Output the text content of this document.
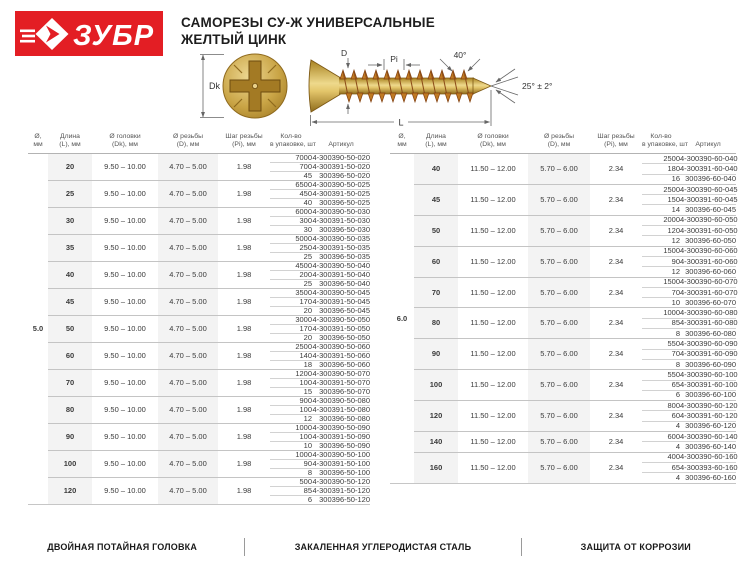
ЗУБР САМОРЕЗЫ СУ-Ж УНИВЕРСАЛЬНЫЕ
ЖЕЛТЫЙ ЦИНК
Dk
D
Pi	40°
25° ± 2°
L
Ø,
мм

Длина
(L), мм

Ø головки
(Dk), мм

Ø резьбы
(D), мм

Шаг резьбы
(Pi), мм

Кол-во
в упаковке, шт	Артикул

5.0	20	9.50 – 10.00	4.70 – 5.00	1.98	7000	4-300390-50-020
					700	4-300391-50-020
					45	300396-50-020
	25	9.50 – 10.00	4.70 – 5.00	1.98	6500	4-300390-50-025
					450	4-300391-50-025
					40	300396-50-025
	30	9.50 – 10.00	4.70 – 5.00	1.98	6000	4-300390-50-030
					300	4-300391-50-030
					30	300396-50-030
	35	9.50 – 10.00	4.70 – 5.00	1.98	5000	4-300390-50-035
					250	4-300391-50-035
					25	300396-50-035
	40	9.50 – 10.00	4.70 – 5.00	1.98	4500	4-300390-50-040
					200	4-300391-50-040
					25	300396-50-040
	45	9.50 – 10.00	4.70 – 5.00	1.98	3500	4-300390-50-045
					170	4-300391-50-045
					20	300396-50-045
	50	9.50 – 10.00	4.70 – 5.00	1.98	3000	4-300390-50-050
					170	4-300391-50-050
					20	300396-50-050
	60	9.50 – 10.00	4.70 – 5.00	1.98	2500	4-300390-50-060
					140	4-300391-50-060
					18	300396-50-060
	70	9.50 – 10.00	4.70 – 5.00	1.98	1200	4-300390-50-070
					100	4-300391-50-070
					15	300396-50-070
	80	9.50 – 10.00	4.70 – 5.00	1.98	900	4-300390-50-080
					100	4-300391-50-080
					12	300396-50-080
	90	9.50 – 10.00	4.70 – 5.00	1.98	1000	4-300390-50-090
					100	4-300391-50-090
					10	300396-50-090
	100	9.50 – 10.00	4.70 – 5.00	1.98	1000	4-300390-50-100
					90	4-300391-50-100
					8	300396-50-100
	120	9.50 – 10.00	4.70 – 5.00	1.98	500	4-300390-50-120
					85	4-300391-50-120
					6	300396-50-120
Ø,
мм

Длина
(L), мм

Ø головки
(Dk), мм

Ø резьбы
(D), мм

Шаг резьбы
(Pi), мм

Кол-во
в упаковке, шт	Артикул

6.0	40	11.50 – 12.00	5.70 – 6.00	2.34	2500	4-300390-60-040
					180	4-300391-60-040
					16	300396-60-040
	45	11.50 – 12.00	5.70 – 6.00	2.34	2500	4-300390-60-045
					150	4-300391-60-045
					14	300396-60-045
	50	11.50 – 12.00	5.70 – 6.00	2.34	2000	4-300390-60-050
					120	4-300391-60-050
					12	300396-60-050
	60	11.50 – 12.00	5.70 – 6.00	2.34	1500	4-300390-60-060
					90	4-300391-60-060
					12	300396-60-060
	70	11.50 – 12.00	5.70 – 6.00	2.34	1500	4-300390-60-070
					70	4-300391-60-070
					10	300396-60-070
	80	11.50 – 12.00	5.70 – 6.00	2.34	1000	4-300390-60-080
					85	4-300391-60-080
					8	300396-60-080
	90	11.50 – 12.00	5.70 – 6.00	2.34	550	4-300390-60-090
					70	4-300391-60-090
					8	300396-60-090
	100	11.50 – 12.00	5.70 – 6.00	2.34	550	4-300390-60-100
					65	4-300391-60-100
					6	300396-60-100
	120	11.50 – 12.00	5.70 – 6.00	2.34	800	4-300390-60-120
					60	4-300391-60-120
					4	300396-60-120
	140	11.50 – 12.00	5.70 – 6.00	2.34	600	4-300390-60-140
					4	300396-60-140
	160	11.50 – 12.00	5.70 – 6.00	2.34	400	4-300390-60-160
					65	4-300393-60-160
					4	300396-60-160
ДВОЙНАЯ ПОТАЙНАЯ ГОЛОВКА	ЗАКАЛЕННАЯ УГЛЕРОДИСТАЯ СТАЛЬ	ЗАЩИТА ОТ КОРРОЗИИ
